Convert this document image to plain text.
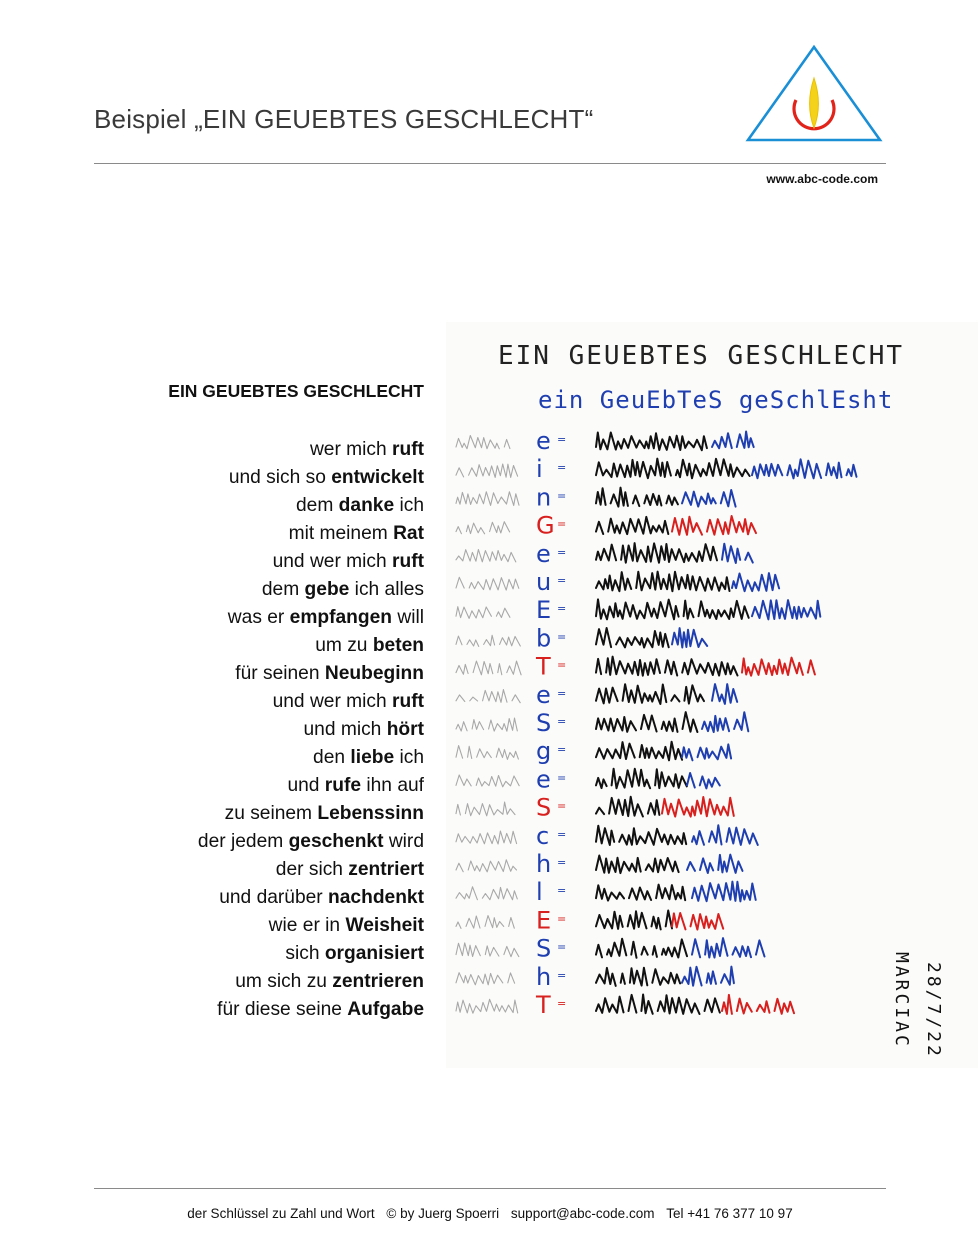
Beispiel „EIN GEUEBTES GESCHLECHT“
www.abc-code.com
EIN GEUEBTES GESCHLECHT
wer mich ruft
und sich so entwickelt
dem danke ich
mit meinem Rat
und wer mich ruft
dem gebe ich alles
was er empfangen will
um zu beten
für seinen Neubeginn
und wer mich ruft
und mich hört
den liebe ich
und rufe ihn auf
zu seinem Lebenssinn
der jedem geschenkt wird
der sich zentriert
und darüber nachdenkt
wie er in Weisheit
sich organisiert
um sich zu zentrieren
für diese seine Aufgabe
EIN GEUEBTES GESCHLECHT
ein GeuEbTeS geSchlEsht
e =
i =
n =
G =
e =
u =
E =
b =
T =
e =
S =
g =
e =
S =
c =
h =
l =
E =
S =
h =
T =	MARCIAC 28/7/22
der Schlüssel zu Zahl und Wort © by Juerg Spoerri support@abc-code.com Tel +41 76 377 10 97
